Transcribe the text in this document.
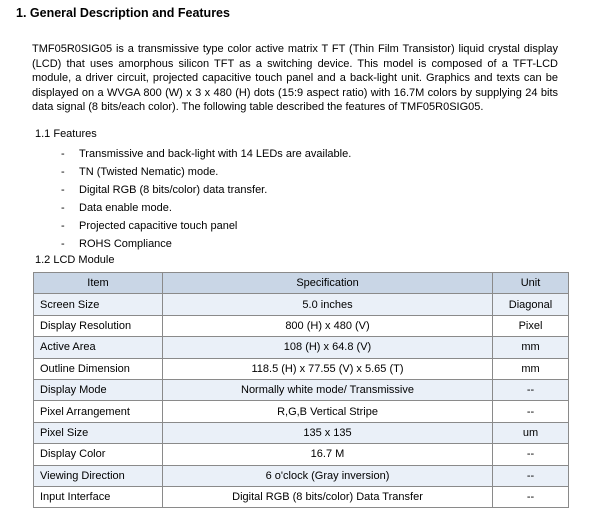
1. General Description and Features
TMF05R0SIG05 is a transmissive type color active matrix T FT (Thin Film Transistor) liquid crystal display (LCD) that uses amorphous silicon TFT as a switching device. This model is composed of a TFT-LCD module, a driver circuit, projected capacitive touch panel and a back-light unit. Graphics and texts can be displayed on a WVGA 800 (W) x 3 x 480 (H) dots (15:9 aspect ratio) with 16.7M colors by supplying 24 bits data signal (8 bits/each color). The following table described the features of TMF05R0SIG05.
1.1 Features
- Transmissive and back-light with 14 LEDs are available.
- TN (Twisted Nematic) mode.
- Digital RGB (8 bits/color) data transfer.
- Data enable mode.
- Projected capacitive touch panel
- ROHS Compliance
1.2 LCD Module
Item	Specification	Unit
Screen Size	5.0 inches	Diagonal
Display Resolution	800 (H) x 480 (V)	Pixel
Active Area	108 (H) x 64.8 (V)	mm
Outline Dimension	118.5 (H) x 77.55 (V) x 5.65 (T)	mm
Display Mode	Normally white mode/ Transmissive	--
Pixel Arrangement	R,G,B Vertical Stripe	--
Pixel Size	135 x 135	um
Display Color	16.7 M	--
Viewing Direction	6 o'clock (Gray inversion)	--
Input Interface	Digital RGB (8 bits/color) Data Transfer	--
